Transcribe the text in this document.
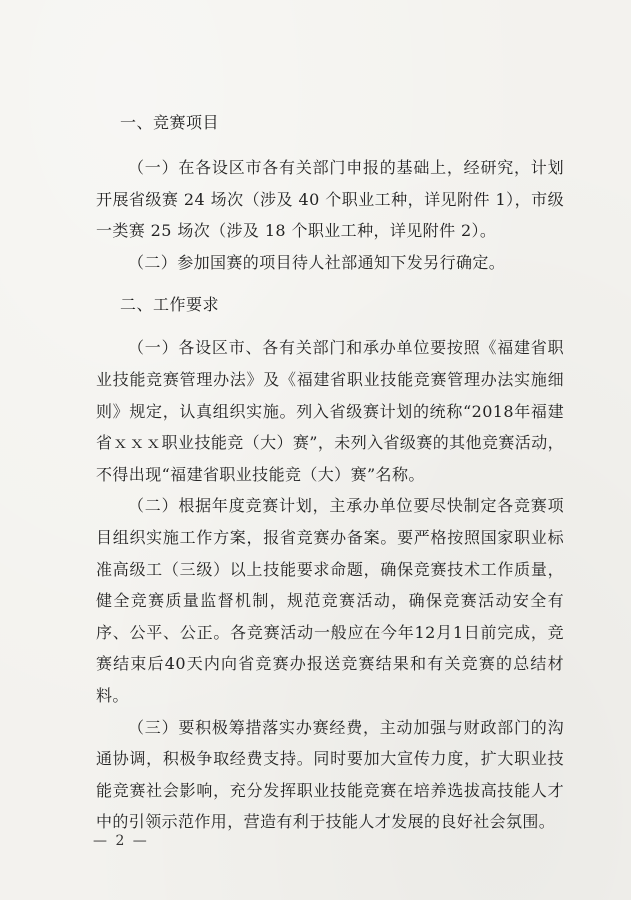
一、竞赛项目

（一）在各设区市各有关部门申报的基础上，经研究，计划开展省级赛 24 场次（涉及 40 个职业工种，详见附件 1），市级一类赛 25 场次（涉及 18 个职业工种，详见附件 2）。

（二）参加国赛的项目待人社部通知下发另行确定。

二、工作要求

（一）各设区市、各有关部门和承办单位要按照《福建省职业技能竞赛管理办法》及《福建省职业技能竞赛管理办法实施细则》规定，认真组织实施。列入省级赛计划的统称“2018年福建省ｘｘｘ职业技能竞（大）赛”，未列入省级赛的其他竞赛活动，不得出现“福建省职业技能竞（大）赛”名称。

（二）根据年度竞赛计划，主承办单位要尽快制定各竞赛项目组织实施工作方案，报省竞赛办备案。要严格按照国家职业标准高级工（三级）以上技能要求命题，确保竞赛技术工作质量，健全竞赛质量监督机制，规范竞赛活动，确保竞赛活动安全有序、公平、公正。各竞赛活动一般应在今年12月1日前完成，竞赛结束后40天内向省竞赛办报送竞赛结果和有关竞赛的总结材料。

（三）要积极筹措落实办赛经费，主动加强与财政部门的沟通协调，积极争取经费支持。同时要加大宣传力度，扩大职业技能竞赛社会影响，充分发挥职业技能竞赛在培养选拔高技能人才中的引领示范作用，营造有利于技能人才发展的良好社会氛围。

— 2 —
